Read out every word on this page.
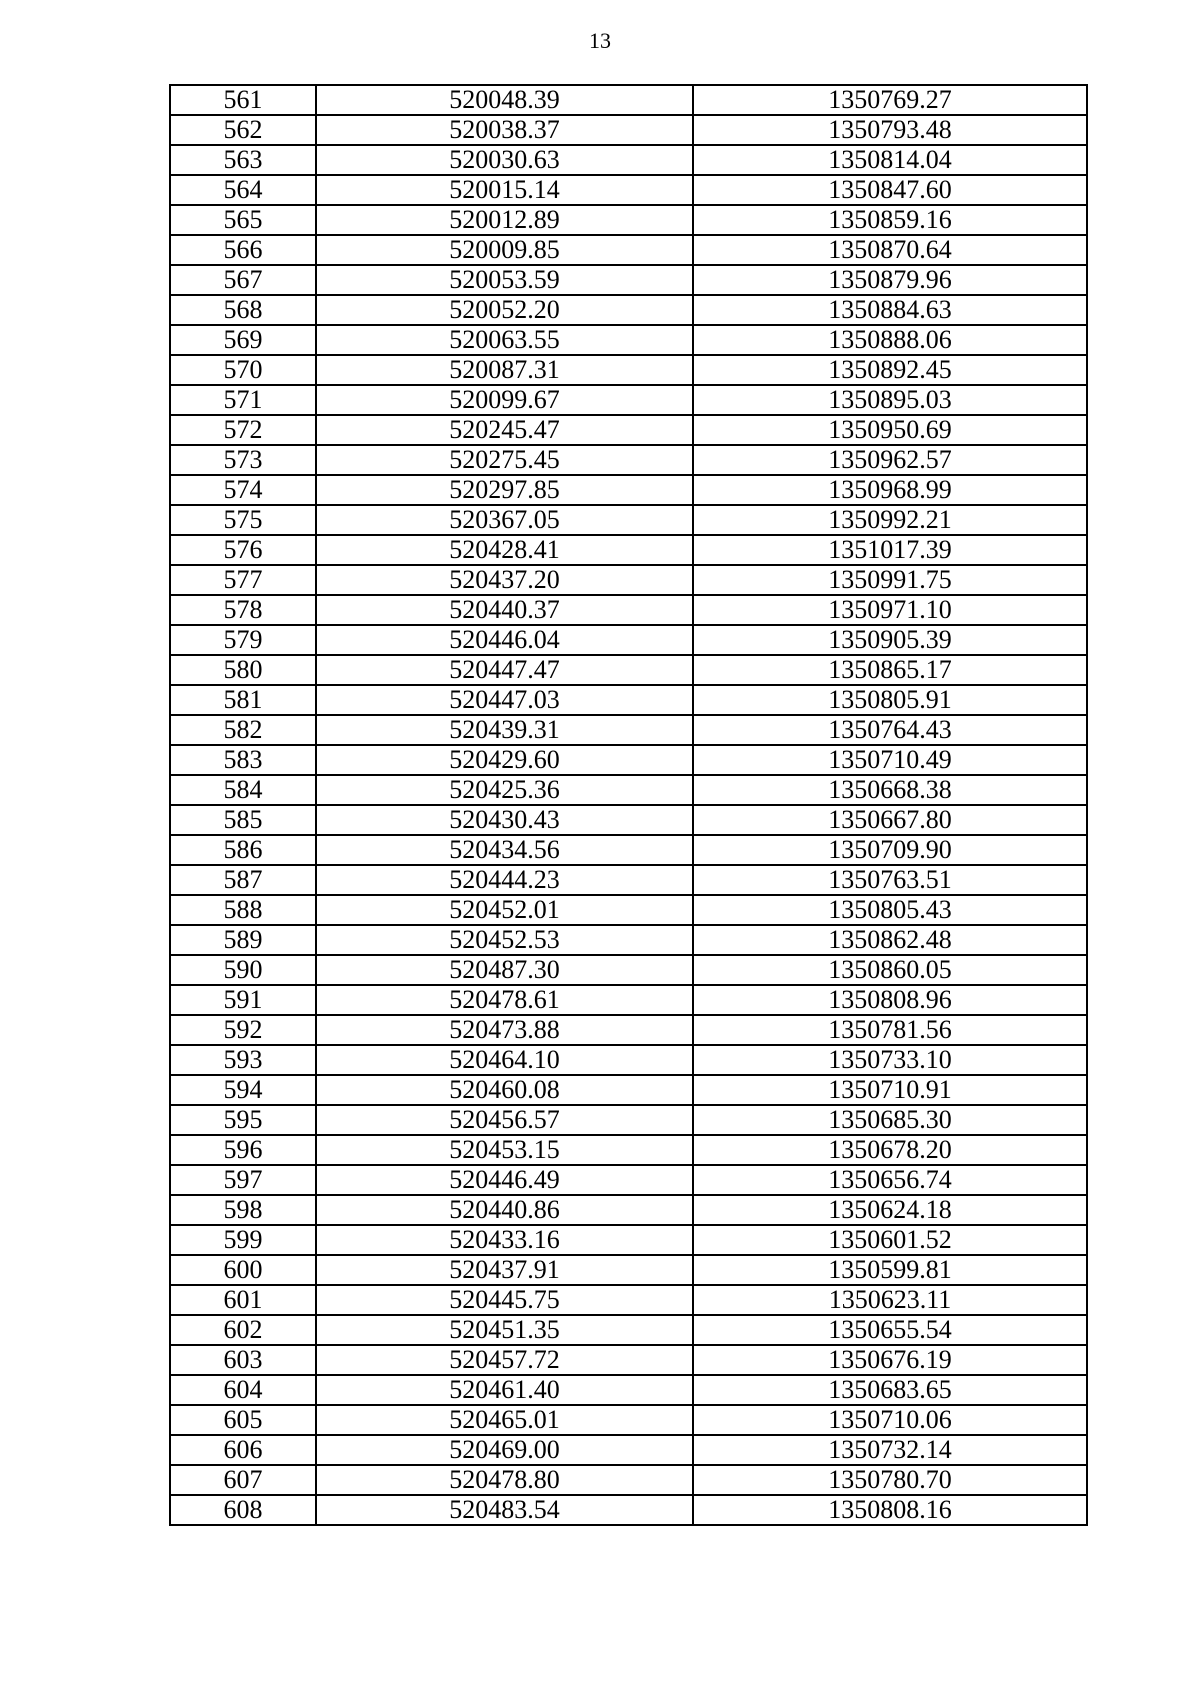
13
561	520048.39	1350769.27
562	520038.37	1350793.48
563	520030.63	1350814.04
564	520015.14	1350847.60
565	520012.89	1350859.16
566	520009.85	1350870.64
567	520053.59	1350879.96
568	520052.20	1350884.63
569	520063.55	1350888.06
570	520087.31	1350892.45
571	520099.67	1350895.03
572	520245.47	1350950.69
573	520275.45	1350962.57
574	520297.85	1350968.99
575	520367.05	1350992.21
576	520428.41	1351017.39
577	520437.20	1350991.75
578	520440.37	1350971.10
579	520446.04	1350905.39
580	520447.47	1350865.17
581	520447.03	1350805.91
582	520439.31	1350764.43
583	520429.60	1350710.49
584	520425.36	1350668.38
585	520430.43	1350667.80
586	520434.56	1350709.90
587	520444.23	1350763.51
588	520452.01	1350805.43
589	520452.53	1350862.48
590	520487.30	1350860.05
591	520478.61	1350808.96
592	520473.88	1350781.56
593	520464.10	1350733.10
594	520460.08	1350710.91
595	520456.57	1350685.30
596	520453.15	1350678.20
597	520446.49	1350656.74
598	520440.86	1350624.18
599	520433.16	1350601.52
600	520437.91	1350599.81
601	520445.75	1350623.11
602	520451.35	1350655.54
603	520457.72	1350676.19
604	520461.40	1350683.65
605	520465.01	1350710.06
606	520469.00	1350732.14
607	520478.80	1350780.70
608	520483.54	1350808.16
